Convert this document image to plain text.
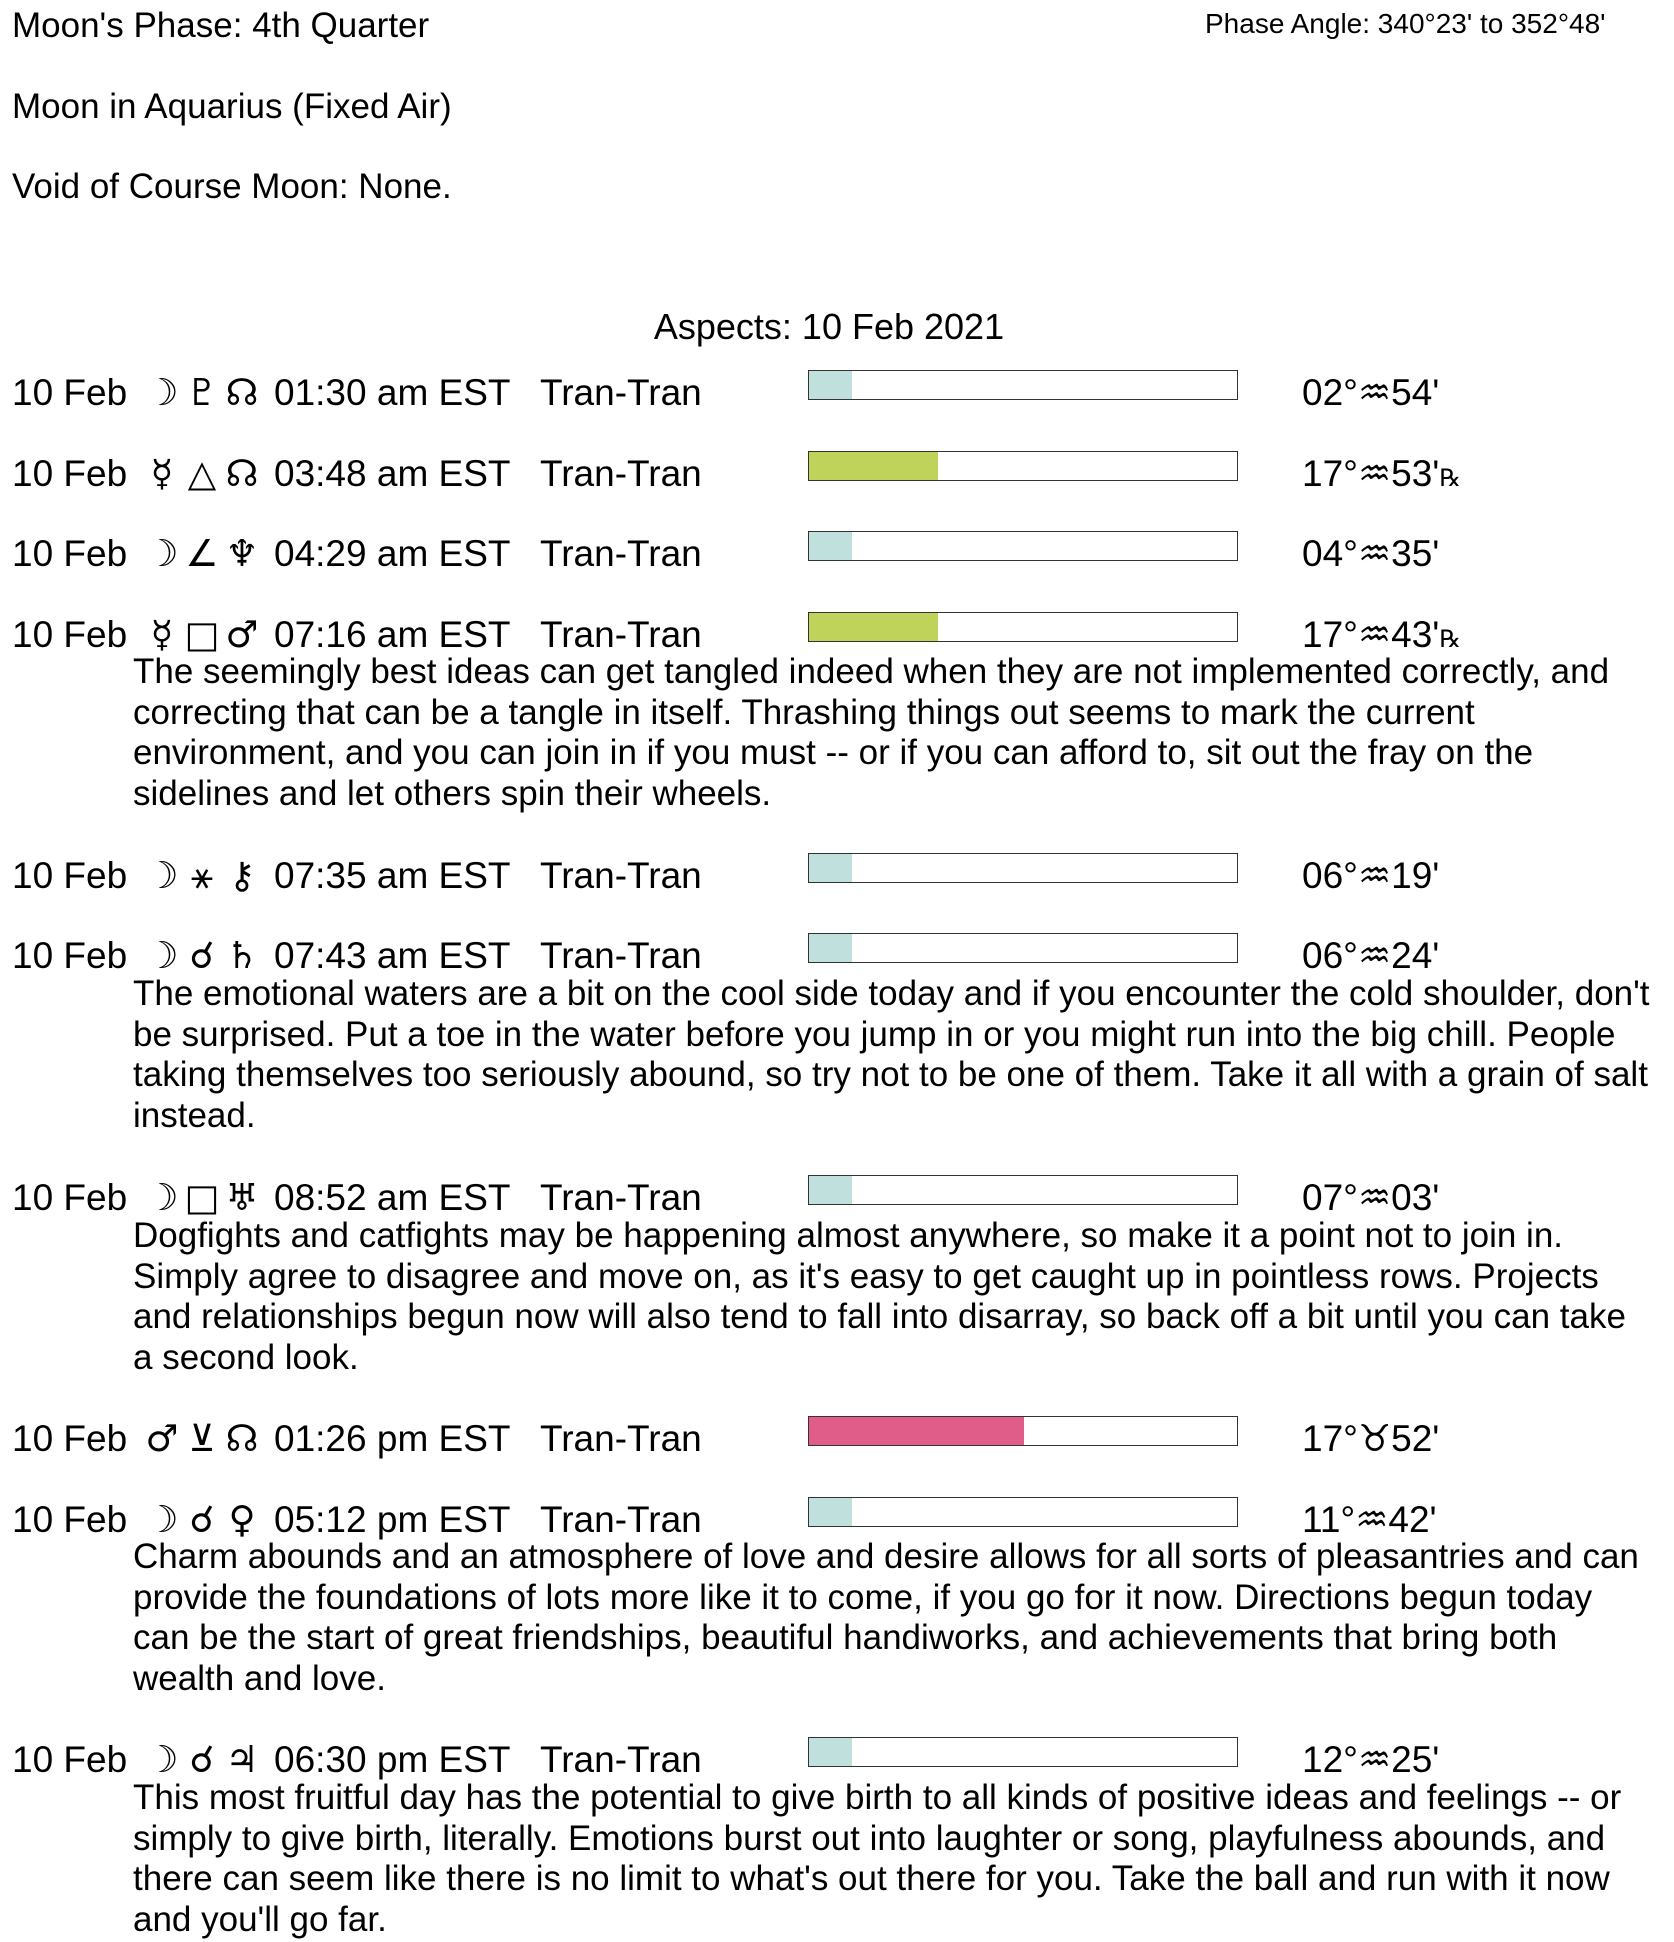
Moon's Phase: 4th Quarter	Phase Angle: 340°23' to 352°48'
Moon in Aquarius (Fixed Air)
Void of Course Moon: None.
Aspects: 10 Feb 2021
10 Feb ☽ ♇ ☊ 01:30 am EST Tran-Tran	02°♒54'
10 Feb ☿ △ ☊ 03:48 am EST Tran-Tran	17°♒53'℞
10 Feb ☽ ∠ ♆ 04:29 am EST Tran-Tran	04°♒35'
10 Feb ☿ □ ♂ 07:16 am EST Tran-Tran	17°♒43'℞
The seemingly best ideas can get tangled indeed when they are not implemented correctly, and correcting that can be a tangle in itself. Thrashing things out seems to mark the current environment, and you can join in if you must -- or if you can afford to, sit out the fray on the sidelines and let others spin their wheels.
10 Feb ☽ ⚹ ⚷ 07:35 am EST Tran-Tran	06°♒19'
10 Feb ☽ ☌ ♄ 07:43 am EST Tran-Tran	06°♒24'
The emotional waters are a bit on the cool side today and if you encounter the cold shoulder, don't be surprised. Put a toe in the water before you jump in or you might run into the big chill. People taking themselves too seriously abound, so try not to be one of them. Take it all with a grain of salt instead.
10 Feb ☽ □ ♅ 08:52 am EST Tran-Tran	07°♒03'
Dogfights and catfights may be happening almost anywhere, so make it a point not to join in. Simply agree to disagree and move on, as it's easy to get caught up in pointless rows. Projects and relationships begun now will also tend to fall into disarray, so back off a bit until you can take a second look.
10 Feb ♂ ⊻ ☊ 01:26 pm EST Tran-Tran	17°♉52'
10 Feb ☽ ☌ ♀ 05:12 pm EST Tran-Tran	11°♒42'
Charm abounds and an atmosphere of love and desire allows for all sorts of pleasantries and can provide the foundations of lots more like it to come, if you go for it now. Directions begun today can be the start of great friendships, beautiful handiworks, and achievements that bring both wealth and love.
10 Feb ☽ ☌ ♃ 06:30 pm EST Tran-Tran	12°♒25'
This most fruitful day has the potential to give birth to all kinds of positive ideas and feelings -- or simply to give birth, literally. Emotions burst out into laughter or song, playfulness abounds, and there can seem like there is no limit to what's out there for you. Take the ball and run with it now and you'll go far.
